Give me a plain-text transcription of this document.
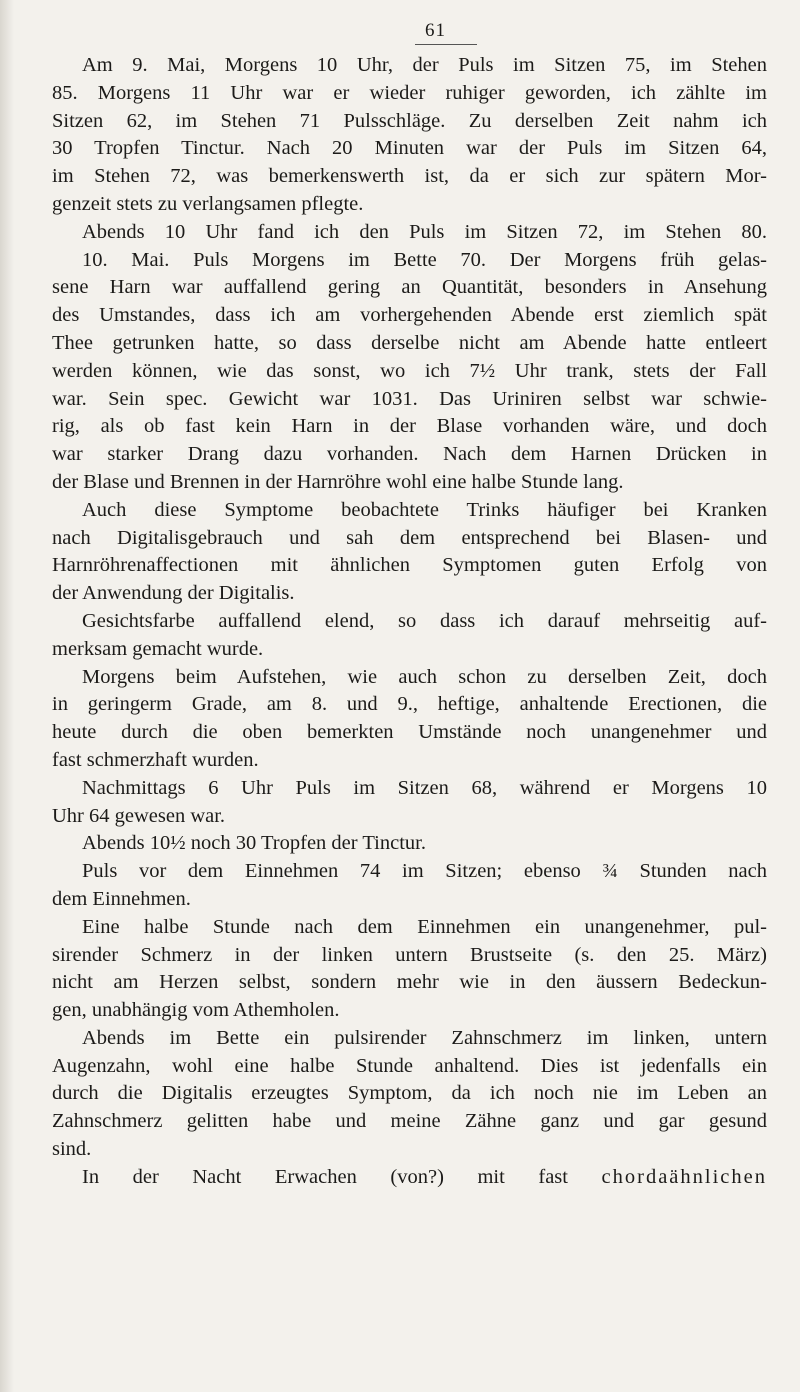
61
Am 9. Mai, Morgens 10 Uhr, der Puls im Sitzen 75, im Stehen
85. Morgens 11 Uhr war er wieder ruhiger geworden, ich zählte im
Sitzen 62, im Stehen 71 Pulsschläge. Zu derselben Zeit nahm ich
30 Tropfen Tinctur. Nach 20 Minuten war der Puls im Sitzen 64,
im Stehen 72, was bemerkenswerth ist, da er sich zur spätern Mor-
genzeit stets zu verlangsamen pflegte.
Abends 10 Uhr fand ich den Puls im Sitzen 72, im Stehen 80.
10. Mai. Puls Morgens im Bette 70. Der Morgens früh gelas-
sene Harn war auffallend gering an Quantität, besonders in Ansehung
des Umstandes, dass ich am vorhergehenden Abende erst ziemlich spät
Thee getrunken hatte, so dass derselbe nicht am Abende hatte entleert
werden können, wie das sonst, wo ich 7½ Uhr trank, stets der Fall
war. Sein spec. Gewicht war 1031. Das Uriniren selbst war schwie-
rig, als ob fast kein Harn in der Blase vorhanden wäre, und doch
war starker Drang dazu vorhanden. Nach dem Harnen Drücken in
der Blase und Brennen in der Harnröhre wohl eine halbe Stunde lang.
Auch diese Symptome beobachtete Trinks häufiger bei Kranken
nach Digitalisgebrauch und sah dem entsprechend bei Blasen- und
Harnröhrenaffectionen mit ähnlichen Symptomen guten Erfolg von
der Anwendung der Digitalis.
Gesichtsfarbe auffallend elend, so dass ich darauf mehrseitig auf-
merksam gemacht wurde.
Morgens beim Aufstehen, wie auch schon zu derselben Zeit, doch
in geringerm Grade, am 8. und 9., heftige, anhaltende Erectionen, die
heute durch die oben bemerkten Umstände noch unangenehmer und
fast schmerzhaft wurden.
Nachmittags 6 Uhr Puls im Sitzen 68, während er Morgens 10
Uhr 64 gewesen war.
Abends 10½ noch 30 Tropfen der Tinctur.
Puls vor dem Einnehmen 74 im Sitzen; ebenso ¾ Stunden nach
dem Einnehmen.
Eine halbe Stunde nach dem Einnehmen ein unangenehmer, pul-
sirender Schmerz in der linken untern Brustseite (s. den 25. März)
nicht am Herzen selbst, sondern mehr wie in den äussern Bedeckun-
gen, unabhängig vom Athemholen.
Abends im Bette ein pulsirender Zahnschmerz im linken, untern
Augenzahn, wohl eine halbe Stunde anhaltend. Dies ist jedenfalls ein
durch die Digitalis erzeugtes Symptom, da ich noch nie im Leben an
Zahnschmerz gelitten habe und meine Zähne ganz und gar gesund
sind.
In der Nacht Erwachen (von?) mit fast chordaähnlichen
